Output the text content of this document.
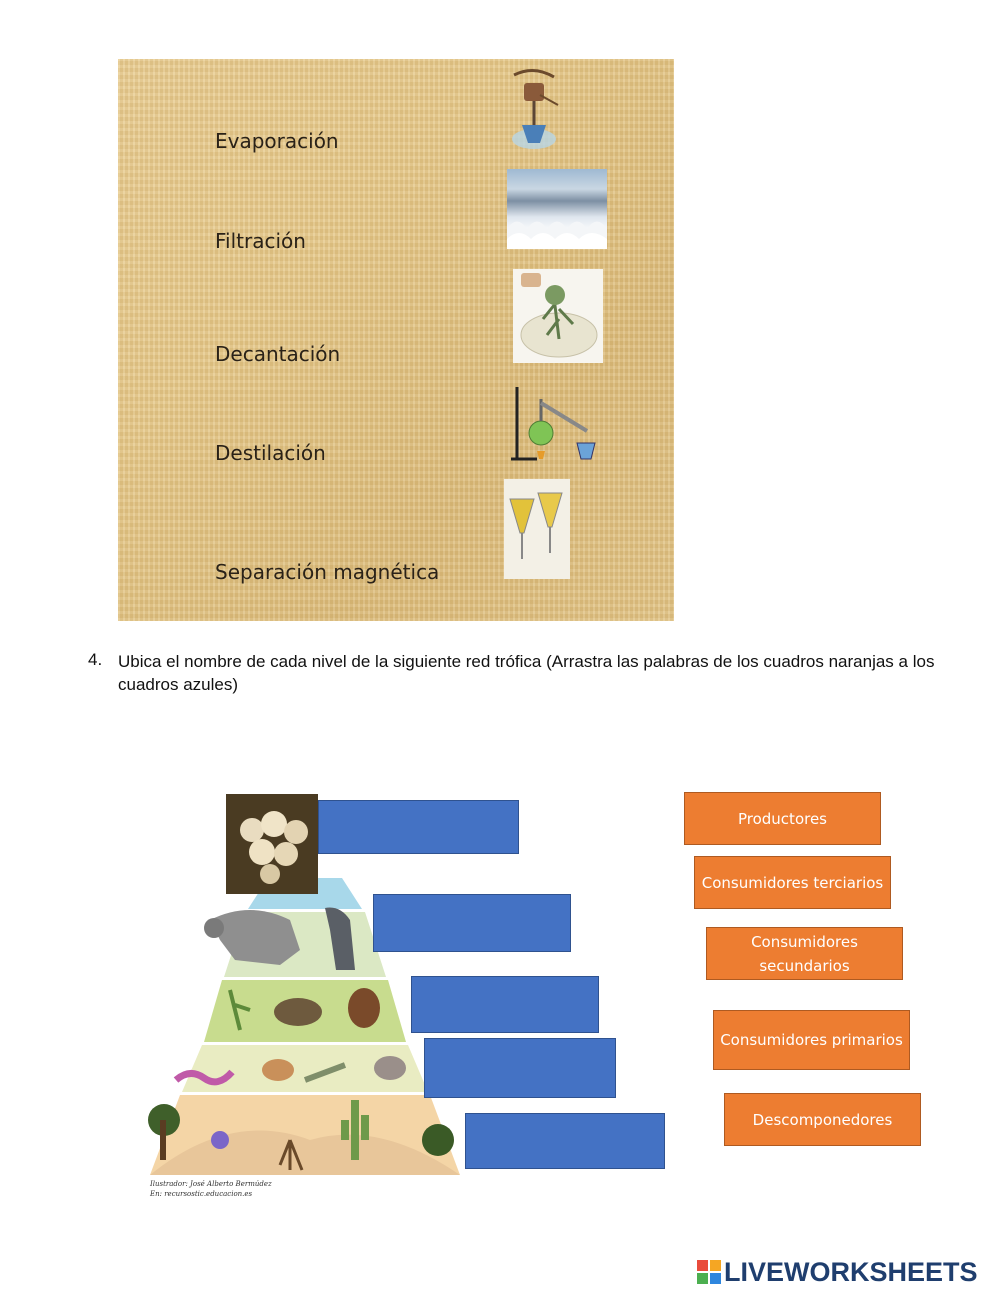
Evaporación
Filtración
Decantación
Destilación
Separación magnética
4. Ubica el nombre de cada nivel de la siguiente red trófica (Arrastra las palabras de los cuadros naranjas a los cuadros azules)
Ilustrador: José Alberto Bermúdez
En: recursostic.educacion.es
Productores
Consumidores terciarios
Consumidores secundarios
Consumidores primarios
Descomponedores
LIVEWORKSHEETS
